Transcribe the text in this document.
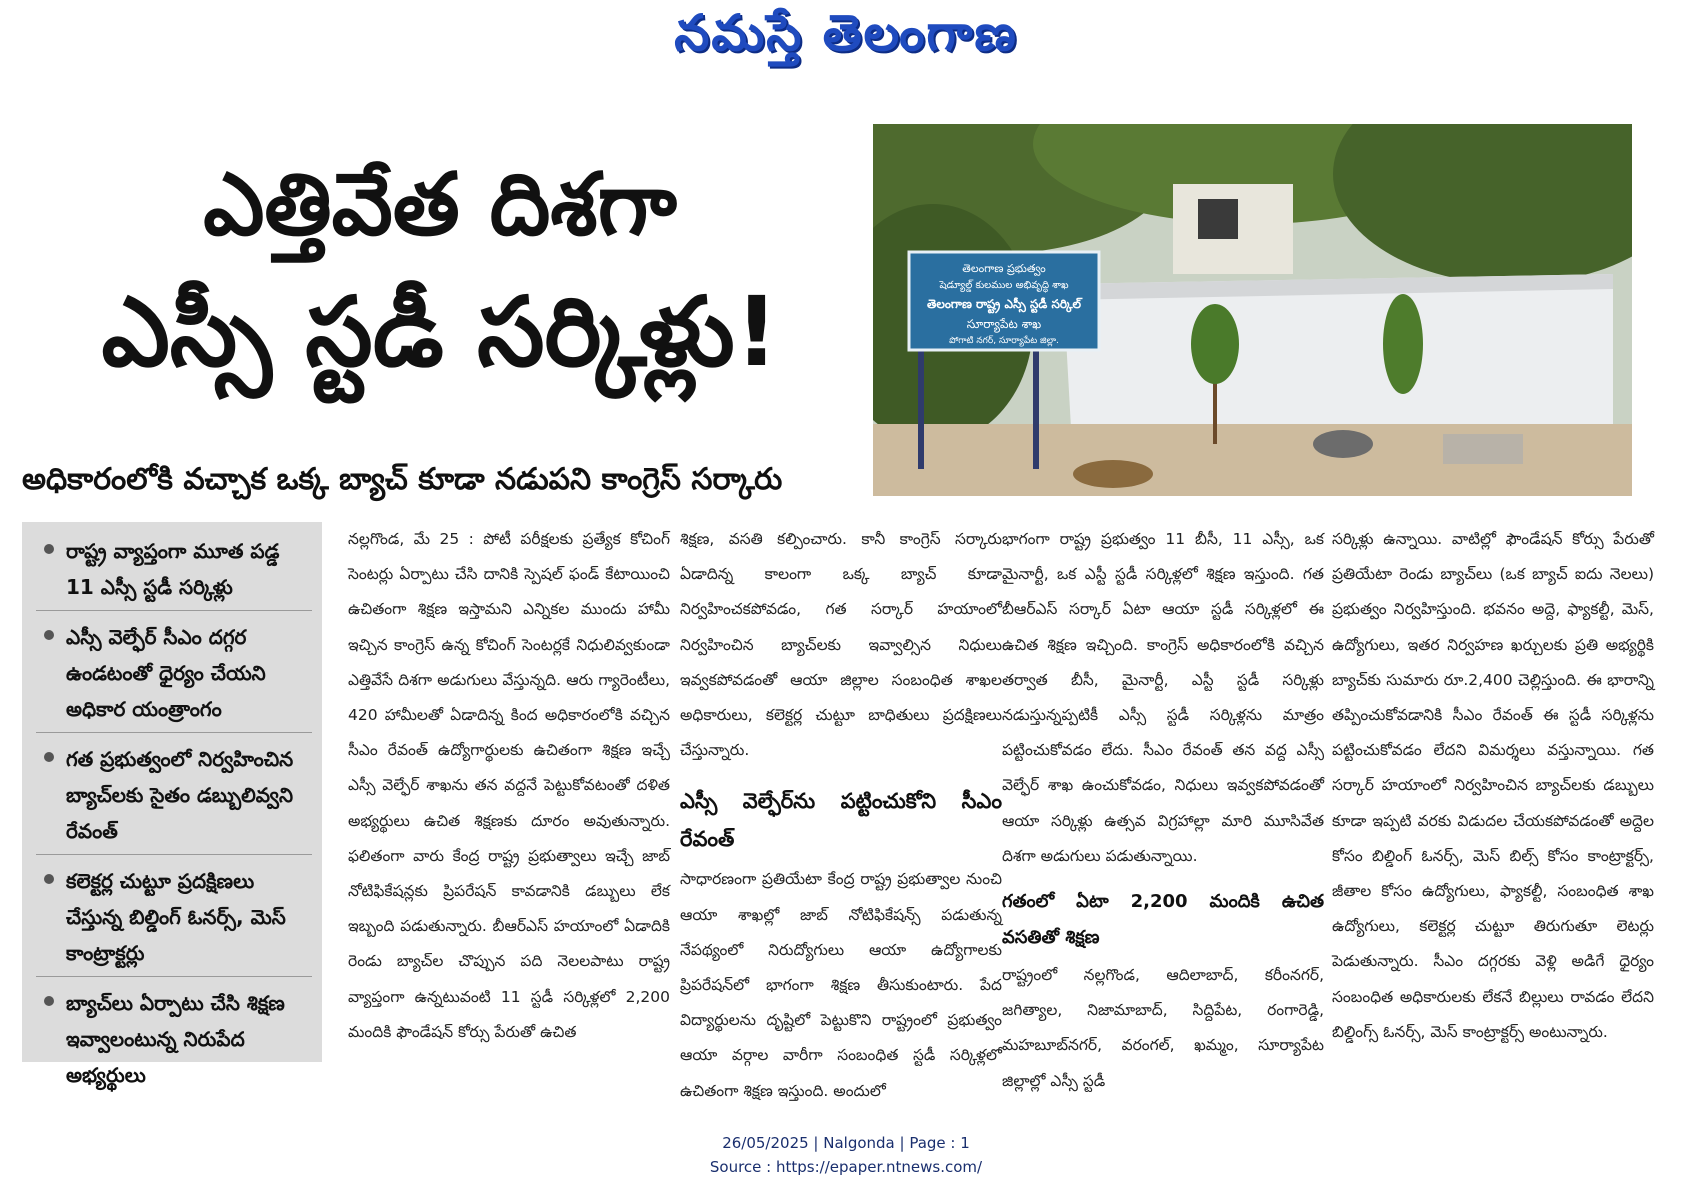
నమస్తే తెలంగాణ
ఎత్తివేత దిశగా
ఎస్సీ స్టడీ సర్కిళ్లు!
అధికారంలోకి వచ్చాక ఒక్క బ్యాచ్ కూడా నడుపని కాంగ్రెస్ సర్కారు
తెలంగాణ ప్రభుత్వం
షెడ్యూల్డ్ కులముల అభివృద్ధి శాఖ
తెలంగాణ రాష్ట్ర ఎస్సీ స్టడీ సర్కిల్
సూర్యాపేట శాఖ
పోగాటి నగర్, సూర్యాపేట జిల్లా.
రాష్ట్ర వ్యాప్తంగా మూత పడ్డ 11 ఎస్సీ స్టడీ సర్కిళ్లు
ఎస్సీ వెల్ఫేర్ సీఎం దగ్గర ఉండటంతో ధైర్యం చేయని అధికార యంత్రాంగం
గత ప్రభుత్వంలో నిర్వహించిన బ్యాచ్‌లకు సైతం డబ్బులివ్వని రేవంత్
కలెక్టర్ల చుట్టూ ప్రదక్షిణలు చేస్తున్న బిల్డింగ్ ఓనర్స్, మెస్ కాంట్రాక్టర్లు
బ్యాచ్‌లు ఏర్పాటు చేసి శిక్షణ ఇవ్వాలంటున్న నిరుపేద అభ్యర్థులు

నల్లగొండ, మే 25 : పోటీ పరీక్షలకు ప్రత్యేక కోచింగ్ సెంటర్లు ఏర్పాటు చేసి దానికి స్పెషల్ ఫండ్ కేటాయించి ఉచితంగా శిక్షణ ఇస్తామని ఎన్నికల ముందు హామీ ఇచ్చిన కాంగ్రెస్ ఉన్న కోచింగ్ సెంటర్లకే నిధులివ్వకుండా ఎత్తివేసే దిశగా అడుగులు వేస్తున్నది. ఆరు గ్యారెంటీలు, 420 హామీలతో ఏడాదిన్న కింద అధికారంలోకి వచ్చిన సీఎం రేవంత్ ఉద్యోగార్థులకు ఉచితంగా శిక్షణ ఇచ్చే ఎస్సీ వెల్ఫేర్ శాఖను తన వద్దనే పెట్టుకోవటంతో దళిత అభ్యర్థులు ఉచిత శిక్షణకు దూరం అవుతున్నారు. ఫలితంగా వారు కేంద్ర రాష్ట్ర ప్రభుత్వాలు ఇచ్చే జాబ్ నోటిఫికేషన్లకు ప్రిపరేషన్ కావడానికి డబ్బులు లేక ఇబ్బంది పడుతున్నారు. బీఆర్ఎస్ హయాంలో ఏడాదికి రెండు బ్యాచ్‌ల చొప్పున పది నెలలపాటు రాష్ట్ర వ్యాప్తంగా ఉన్నటువంటి 11 స్టడీ సర్కిళ్లలో 2,200 మందికి ఫౌండేషన్ కోర్సు పేరుతో ఉచిత

శిక్షణ, వసతి కల్పించారు. కానీ కాంగ్రెస్ సర్కారు ఏడాదిన్న కాలంగా ఒక్క బ్యాచ్ కూడా నిర్వహించకపోవడం, గత సర్కార్ హయాంలో నిర్వహించిన బ్యాచ్‌లకు ఇవ్వాల్సిన నిధులు ఇవ్వకపోవడంతో ఆయా జిల్లాల సంబంధిత శాఖల అధికారులు, కలెక్టర్ల చుట్టూ బాధితులు ప్రదక్షిణలు చేస్తున్నారు.

ఎస్సీ వెల్ఫేర్‌ను పట్టించుకోని సీఎం రేవంత్

సాధారణంగా ప్రతియేటా కేంద్ర రాష్ట్ర ప్రభుత్వాల నుంచి ఆయా శాఖల్లో జాబ్ నోటిఫికేషన్స్ పడుతున్న నేపథ్యంలో నిరుద్యోగులు ఆయా ఉద్యోగాలకు ప్రిపరేషన్‌లో భాగంగా శిక్షణ తీసుకుంటారు. పేద విద్యార్థులను దృష్టిలో పెట్టుకొని రాష్ట్రంలో ప్రభుత్వం ఆయా వర్గాల వారీగా సంబంధిత స్టడీ సర్కిళ్లలో ఉచితంగా శిక్షణ ఇస్తుంది. అందులో

భాగంగా రాష్ట్ర ప్రభుత్వం 11 బీసీ, 11 ఎస్సీ, ఒక మైనార్టీ, ఒక ఎస్టీ స్టడీ సర్కిళ్లలో శిక్షణ ఇస్తుంది. గత బీఆర్ఎస్ సర్కార్ ఏటా ఆయా స్టడీ సర్కిళ్లలో ఈ ఉచిత శిక్షణ ఇచ్చింది. కాంగ్రెస్ అధికారంలోకి వచ్చిన తర్వాత బీసీ, మైనార్టీ, ఎస్టీ స్టడీ సర్కిళ్లు నడుస్తున్నప్పటికీ ఎస్సీ స్టడీ సర్కిళ్లను మాత్రం పట్టించుకోవడం లేదు. సీఎం రేవంత్ తన వద్ద ఎస్సీ వెల్ఫేర్ శాఖ ఉంచుకోవడం, నిధులు ఇవ్వకపోవడంతో ఆయా సర్కిళ్లు ఉత్సవ విగ్రహాల్లా మారి మూసివేత దిశగా అడుగులు పడుతున్నాయి.

గతంలో ఏటా 2,200 మందికి ఉచిత వసతితో శిక్షణ

రాష్ట్రంలో నల్లగొండ, ఆదిలాబాద్, కరీంనగర్, జగిత్యాల, నిజామాబాద్, సిద్దిపేట, రంగారెడ్డి, మహబూబ్‌నగర్, వరంగల్, ఖమ్మం, సూర్యాపేట జిల్లాల్లో ఎస్సీ స్టడీ

సర్కిళ్లు ఉన్నాయి. వాటిల్లో ఫౌండేషన్ కోర్సు పేరుతో ప్రతియేటా రెండు బ్యాచ్‌లు (ఒక బ్యాచ్ ఐదు నెలలు) ప్రభుత్వం నిర్వహిస్తుంది. భవనం అద్దె, ఫ్యాకల్టీ, మెస్, ఉద్యోగులు, ఇతర నిర్వహణ ఖర్చులకు ప్రతి అభ్యర్థికి బ్యాచ్‌కు సుమారు రూ.2,400 చెల్లిస్తుంది. ఈ భారాన్ని తప్పించుకోవడానికి సీఎం రేవంత్ ఈ స్టడీ సర్కిళ్లను పట్టించుకోవడం లేదని విమర్శలు వస్తున్నాయి. గత సర్కార్ హయాంలో నిర్వహించిన బ్యాచ్‌లకు డబ్బులు కూడా ఇప్పటి వరకు విడుదల చేయకపోవడంతో అద్దెల కోసం బిల్డింగ్ ఓనర్స్, మెస్ బిల్స్ కోసం కాంట్రాక్టర్స్, జీతాల కోసం ఉద్యోగులు, ఫ్యాకల్టీ, సంబంధిత శాఖ ఉద్యోగులు, కలెక్టర్ల చుట్టూ తిరుగుతూ లెటర్లు పెడుతున్నారు. సీఎం దగ్గరకు వెళ్లి అడిగే ధైర్యం సంబంధిత అధికారులకు లేకనే బిల్లులు రావడం లేదని బిల్డింగ్స్ ఓనర్స్, మెస్ కాంట్రాక్టర్స్ అంటున్నారు.

26/05/2025 | Nalgonda | Page : 1
Source : https://epaper.ntnews.com/
